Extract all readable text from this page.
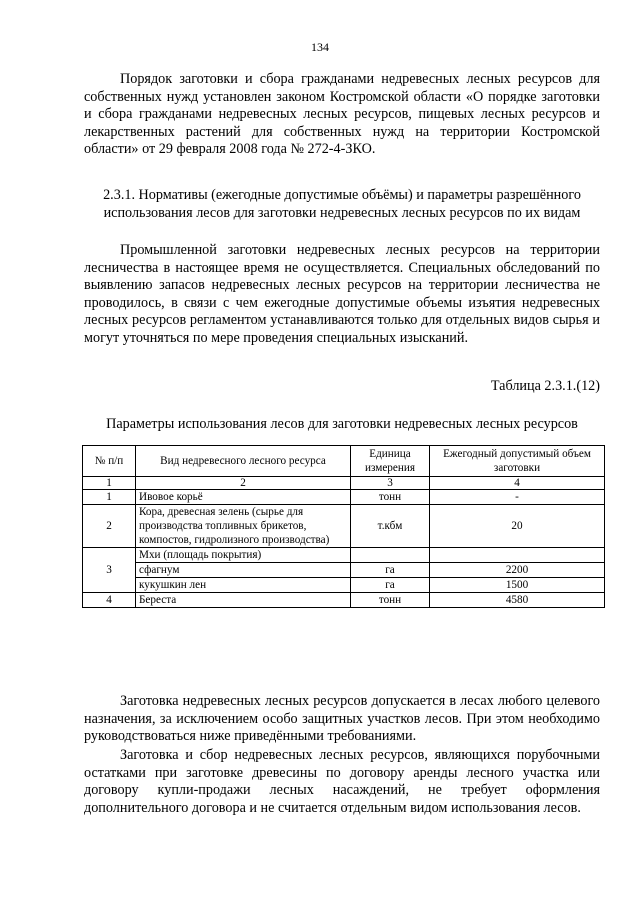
134

Порядок заготовки и сбора гражданами недревесных лесных ресурсов для собственных нужд установлен законом Костромской области «О порядке заготовки и сбора гражданами недревесных лесных ресурсов, пищевых лесных ресурсов и лекарственных растений для собственных нужд на территории Костромской области» от 29 февраля 2008 года № 272-4-ЗКО.

2.3.1. Нормативы (ежегодные допустимые объёмы) и параметры разрешённого использования лесов для заготовки недревесных лесных ресурсов по их видам

Промышленной заготовки недревесных лесных ресурсов на территории лесничества в настоящее время не осуществляется. Специальных обследований по выявлению запасов недревесных лесных ресурсов на территории лесничества не проводилось, в связи с чем ежегодные допустимые объемы изъятия недревесных лесных ресурсов регламентом устанавливаются только для отдельных видов сырья и могут уточняться по мере проведения специальных изысканий.

Таблица 2.3.1.(12)
Параметры использования лесов для заготовки недревесных лесных ресурсов
№ п/п	Вид недревесного лесного ресурса	Единица измерения	Ежегодный допустимый объем заготовки
1	2	3	4
1	Ивовое корьё	тонн	-
2	Кора, древесная зелень (сырье для производства топливных брикетов, компостов, гидролизного производства)	т.кбм	20
3	Мхи (площадь покрытия)		
	сфагнум	га	2200
	кукушкин лен	га	1500
4	Береста	тонн	4580

Заготовка недревесных лесных ресурсов допускается в лесах любого целевого назначения, за исключением особо защитных участков лесов. При этом необходимо руководствоваться ниже приведёнными требованиями.

Заготовка и сбор недревесных лесных ресурсов, являющихся порубочными остатками при заготовке древесины по договору аренды лесного участка или договору купли-продажи лесных насаждений, не требует оформления дополнительного договора и не считается отдельным видом использования лесов.
